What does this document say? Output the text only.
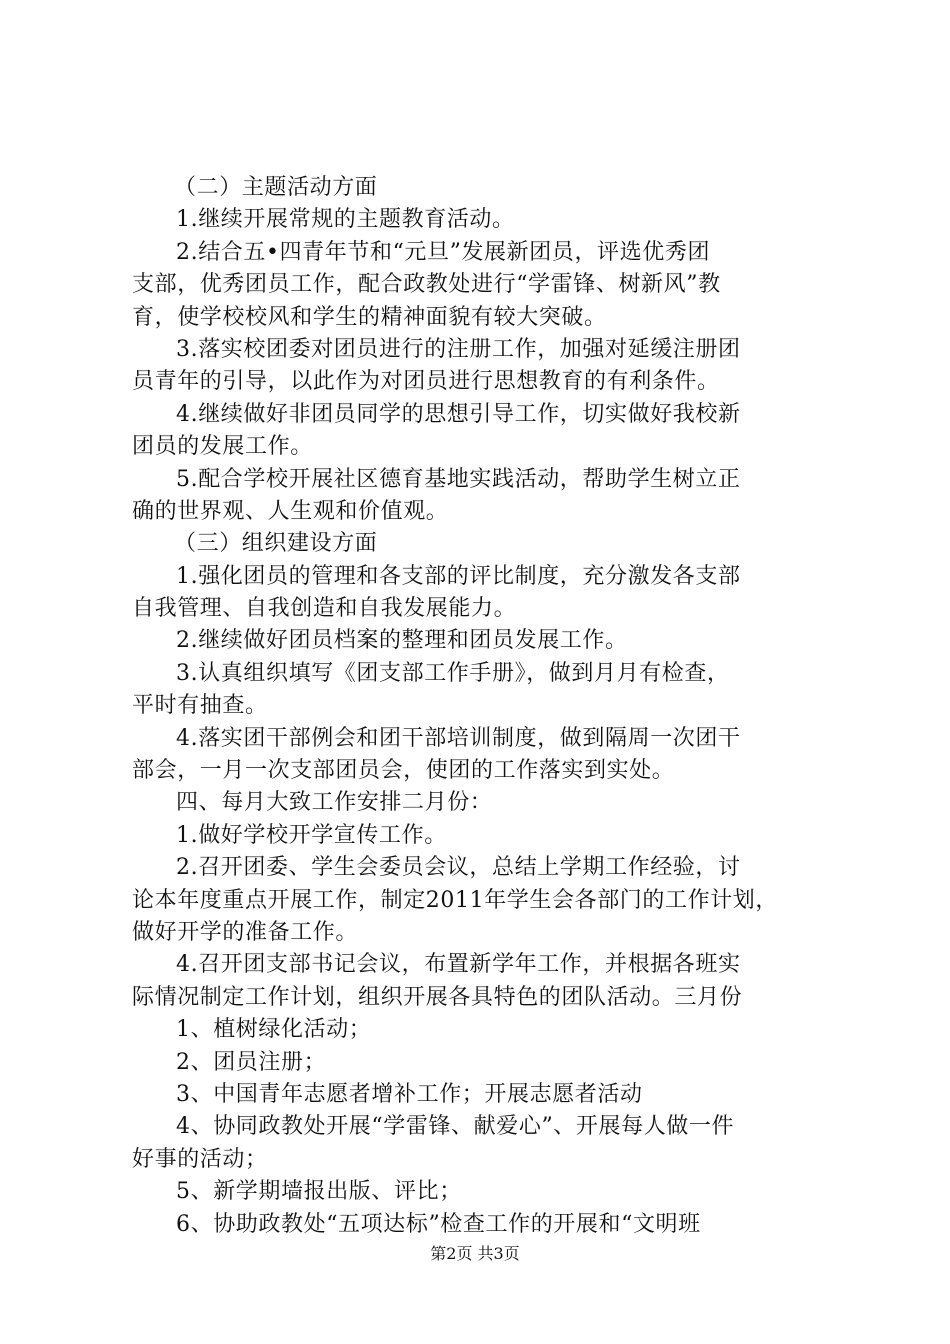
（二）主题活动方面
1.继续开展常规的主题教育活动。
2.结合五•四青年节和“元旦”发展新团员，评选优秀团
支部，优秀团员工作，配合政教处进行“学雷锋、树新风”教
育，使学校校风和学生的精神面貌有较大突破。
3.落实校团委对团员进行的注册工作，加强对延缓注册团
员青年的引导，以此作为对团员进行思想教育的有利条件。
4.继续做好非团员同学的思想引导工作，切实做好我校新
团员的发展工作。
5.配合学校开展社区德育基地实践活动，帮助学生树立正
确的世界观、人生观和价值观。
（三）组织建设方面
1.强化团员的管理和各支部的评比制度，充分激发各支部
自我管理、自我创造和自我发展能力。
2.继续做好团员档案的整理和团员发展工作。
3.认真组织填写《团支部工作手册》，做到月月有检查，
平时有抽查。
4.落实团干部例会和团干部培训制度，做到隔周一次团干
部会，一月一次支部团员会，使团的工作落实到实处。
四、每月大致工作安排二月份：
1.做好学校开学宣传工作。
2.召开团委、学生会委员会议，总结上学期工作经验，讨
论本年度重点开展工作，制定2011年学生会各部门的工作计划，
做好开学的准备工作。
4.召开团支部书记会议，布置新学年工作，并根据各班实
际情况制定工作计划，组织开展各具特色的团队活动。三月份
1、植树绿化活动；
2、团员注册；
3、中国青年志愿者增补工作；开展志愿者活动
4、协同政教处开展“学雷锋、献爱心”、开展每人做一件
好事的活动；
5、新学期墙报出版、评比；
6、协助政教处“五项达标”检查工作的开展和“文明班
第2页 共3页
